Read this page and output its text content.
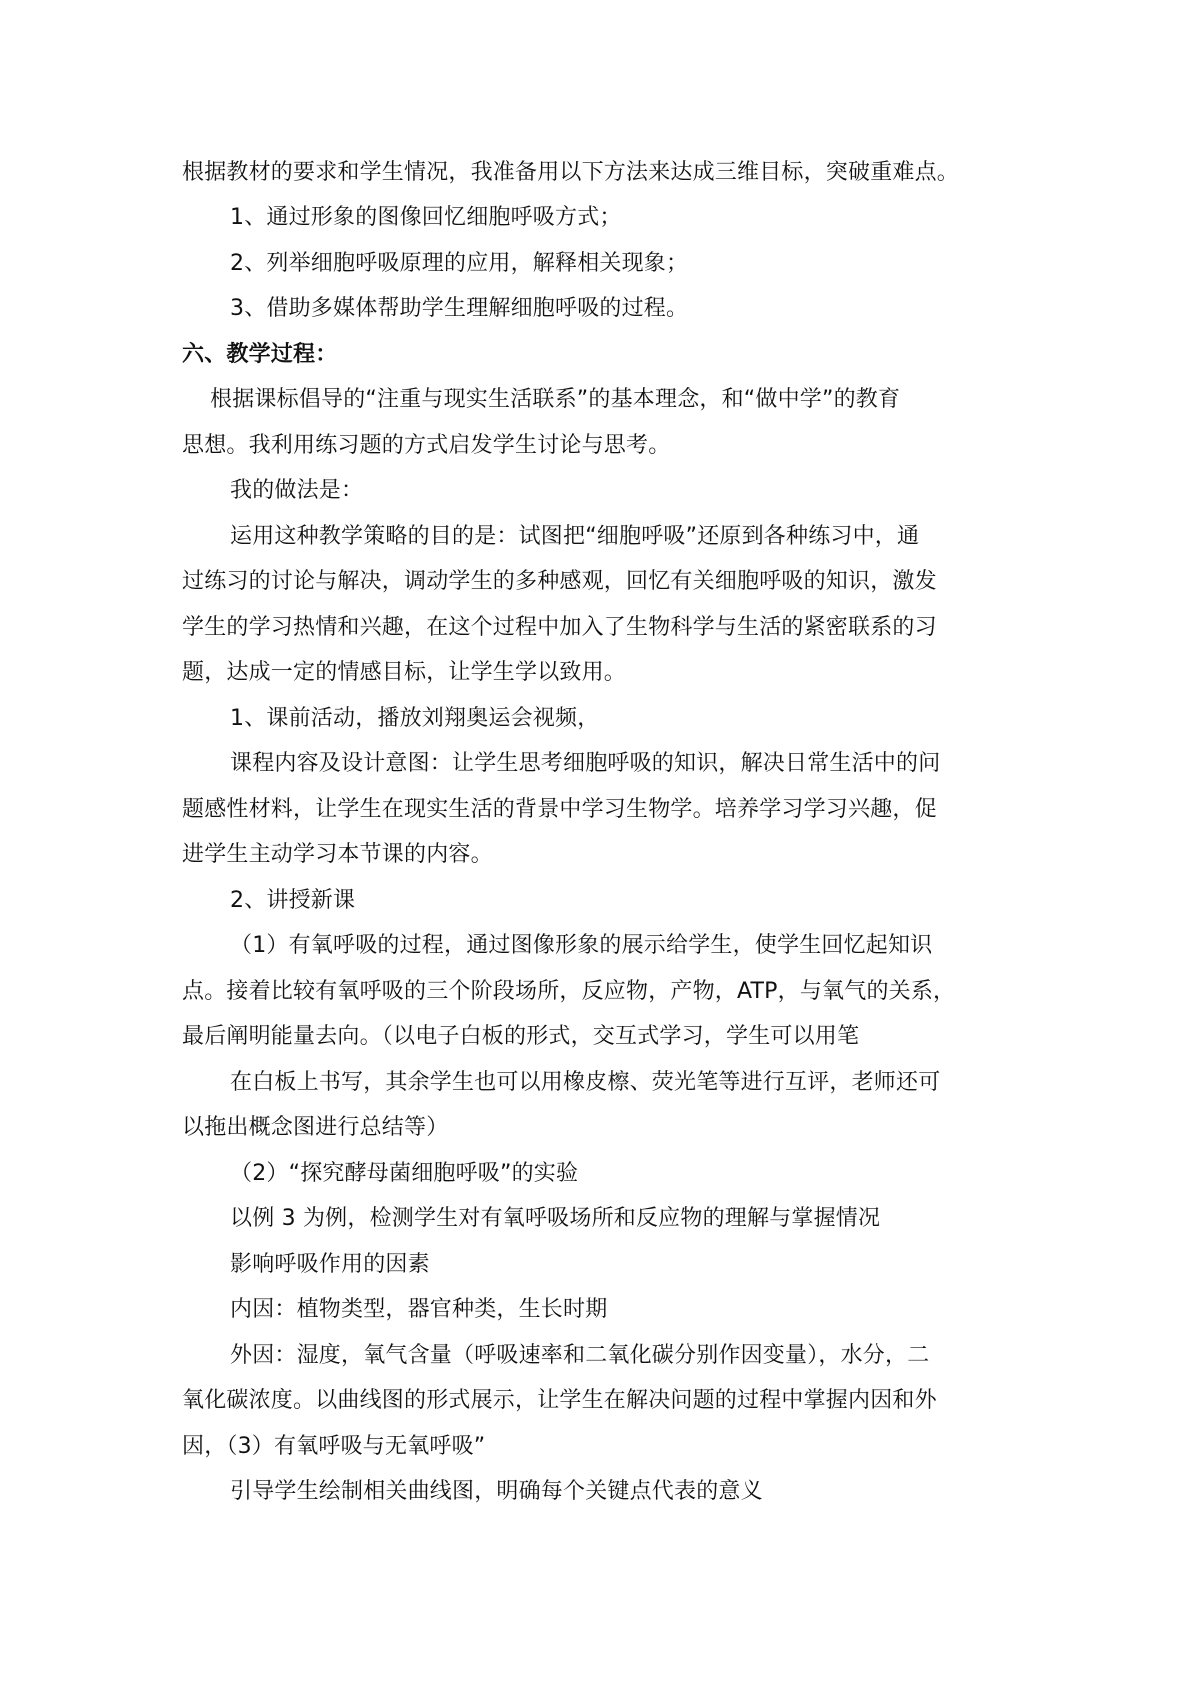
根据教材的要求和学生情况，我准备用以下方法来达成三维目标，突破重难点。
1、通过形象的图像回忆细胞呼吸方式；
2、列举细胞呼吸原理的应用，解释相关现象；
3、借助多媒体帮助学生理解细胞呼吸的过程。
六、教学过程：
根据课标倡导的“注重与现实生活联系”的基本理念，和“做中学”的教育
思想。我利用练习题的方式启发学生讨论与思考。
我的做法是：
运用这种教学策略的目的是：试图把“细胞呼吸”还原到各种练习中，通
过练习的讨论与解决，调动学生的多种感观，回忆有关细胞呼吸的知识，激发
学生的学习热情和兴趣，在这个过程中加入了生物科学与生活的紧密联系的习
题，达成一定的情感目标，让学生学以致用。
1、课前活动，播放刘翔奥运会视频，
课程内容及设计意图：让学生思考细胞呼吸的知识，解决日常生活中的问
题感性材料，让学生在现实生活的背景中学习生物学。培养学习学习兴趣，促
进学生主动学习本节课的内容。
2、讲授新课
（1）有氧呼吸的过程，通过图像形象的展示给学生，使学生回忆起知识
点。接着比较有氧呼吸的三个阶段场所，反应物，产物，ATP，与氧气的关系，
最后阐明能量去向。（以电子白板的形式，交互式学习，学生可以用笔
在白板上书写，其余学生也可以用橡皮檫、荧光笔等进行互评，老师还可
以拖出概念图进行总结等）
（2）“探究酵母菌细胞呼吸”的实验
以例 3 为例，检测学生对有氧呼吸场所和反应物的理解与掌握情况
影响呼吸作用的因素
内因：植物类型，器官种类，生长时期
外因：湿度，氧气含量（呼吸速率和二氧化碳分别作因变量），水分，二
氧化碳浓度。以曲线图的形式展示，让学生在解决问题的过程中掌握内因和外
因，（3）有氧呼吸与无氧呼吸”
引导学生绘制相关曲线图，明确每个关键点代表的意义
